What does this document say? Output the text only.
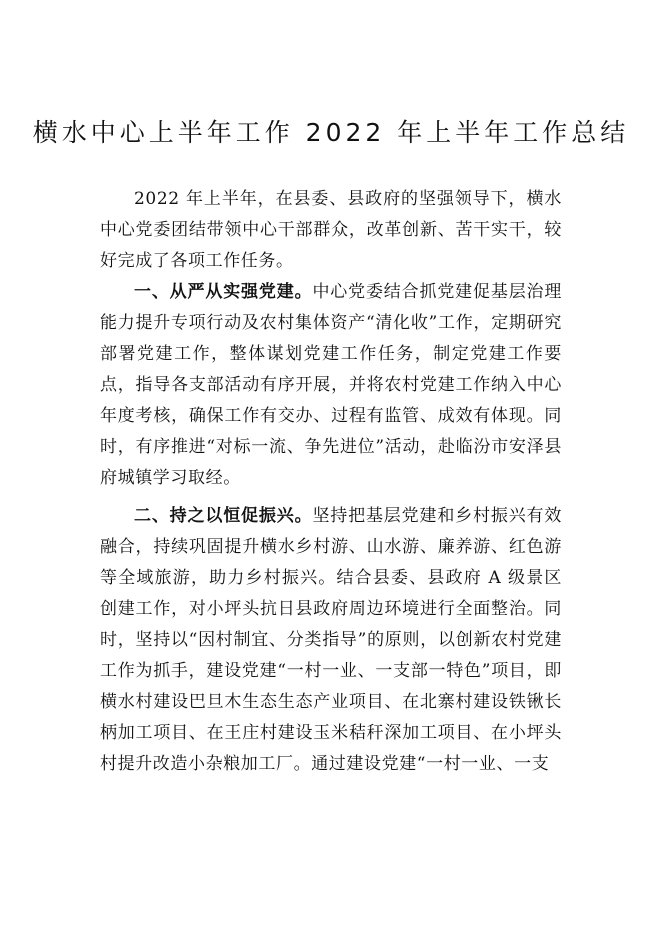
横水中心上半年工作 2022 年上半年工作总结

2022 年上半年，在县委、县政府的坚强领导下，横水中心党委团结带领中心干部群众，改革创新、苦干实干，较好完成了各项工作任务。

一、从严从实强党建。中心党委结合抓党建促基层治理能力提升专项行动及农村集体资产“清化收”工作，定期研究部署党建工作，整体谋划党建工作任务，制定党建工作要点，指导各支部活动有序开展，并将农村党建工作纳入中心年度考核，确保工作有交办、过程有监管、成效有体现。同时，有序推进“对标一流、争先进位”活动，赴临汾市安泽县府城镇学习取经。

二、持之以恒促振兴。坚持把基层党建和乡村振兴有效融合，持续巩固提升横水乡村游、山水游、廉养游、红色游等全域旅游，助力乡村振兴。结合县委、县政府 A 级景区创建工作，对小坪头抗日县政府周边环境进行全面整治。同时，坚持以“因村制宜、分类指导”的原则，以创新农村党建工作为抓手，建设党建“一村一业、一支部一特色”项目，即横水村建设巴旦木生态生态产业项目、在北寨村建设铁锹长柄加工项目、在王庄村建设玉米秸秆深加工项目、在小坪头村提升改造小杂粮加工厂。通过建设党建“一村一业、一支
